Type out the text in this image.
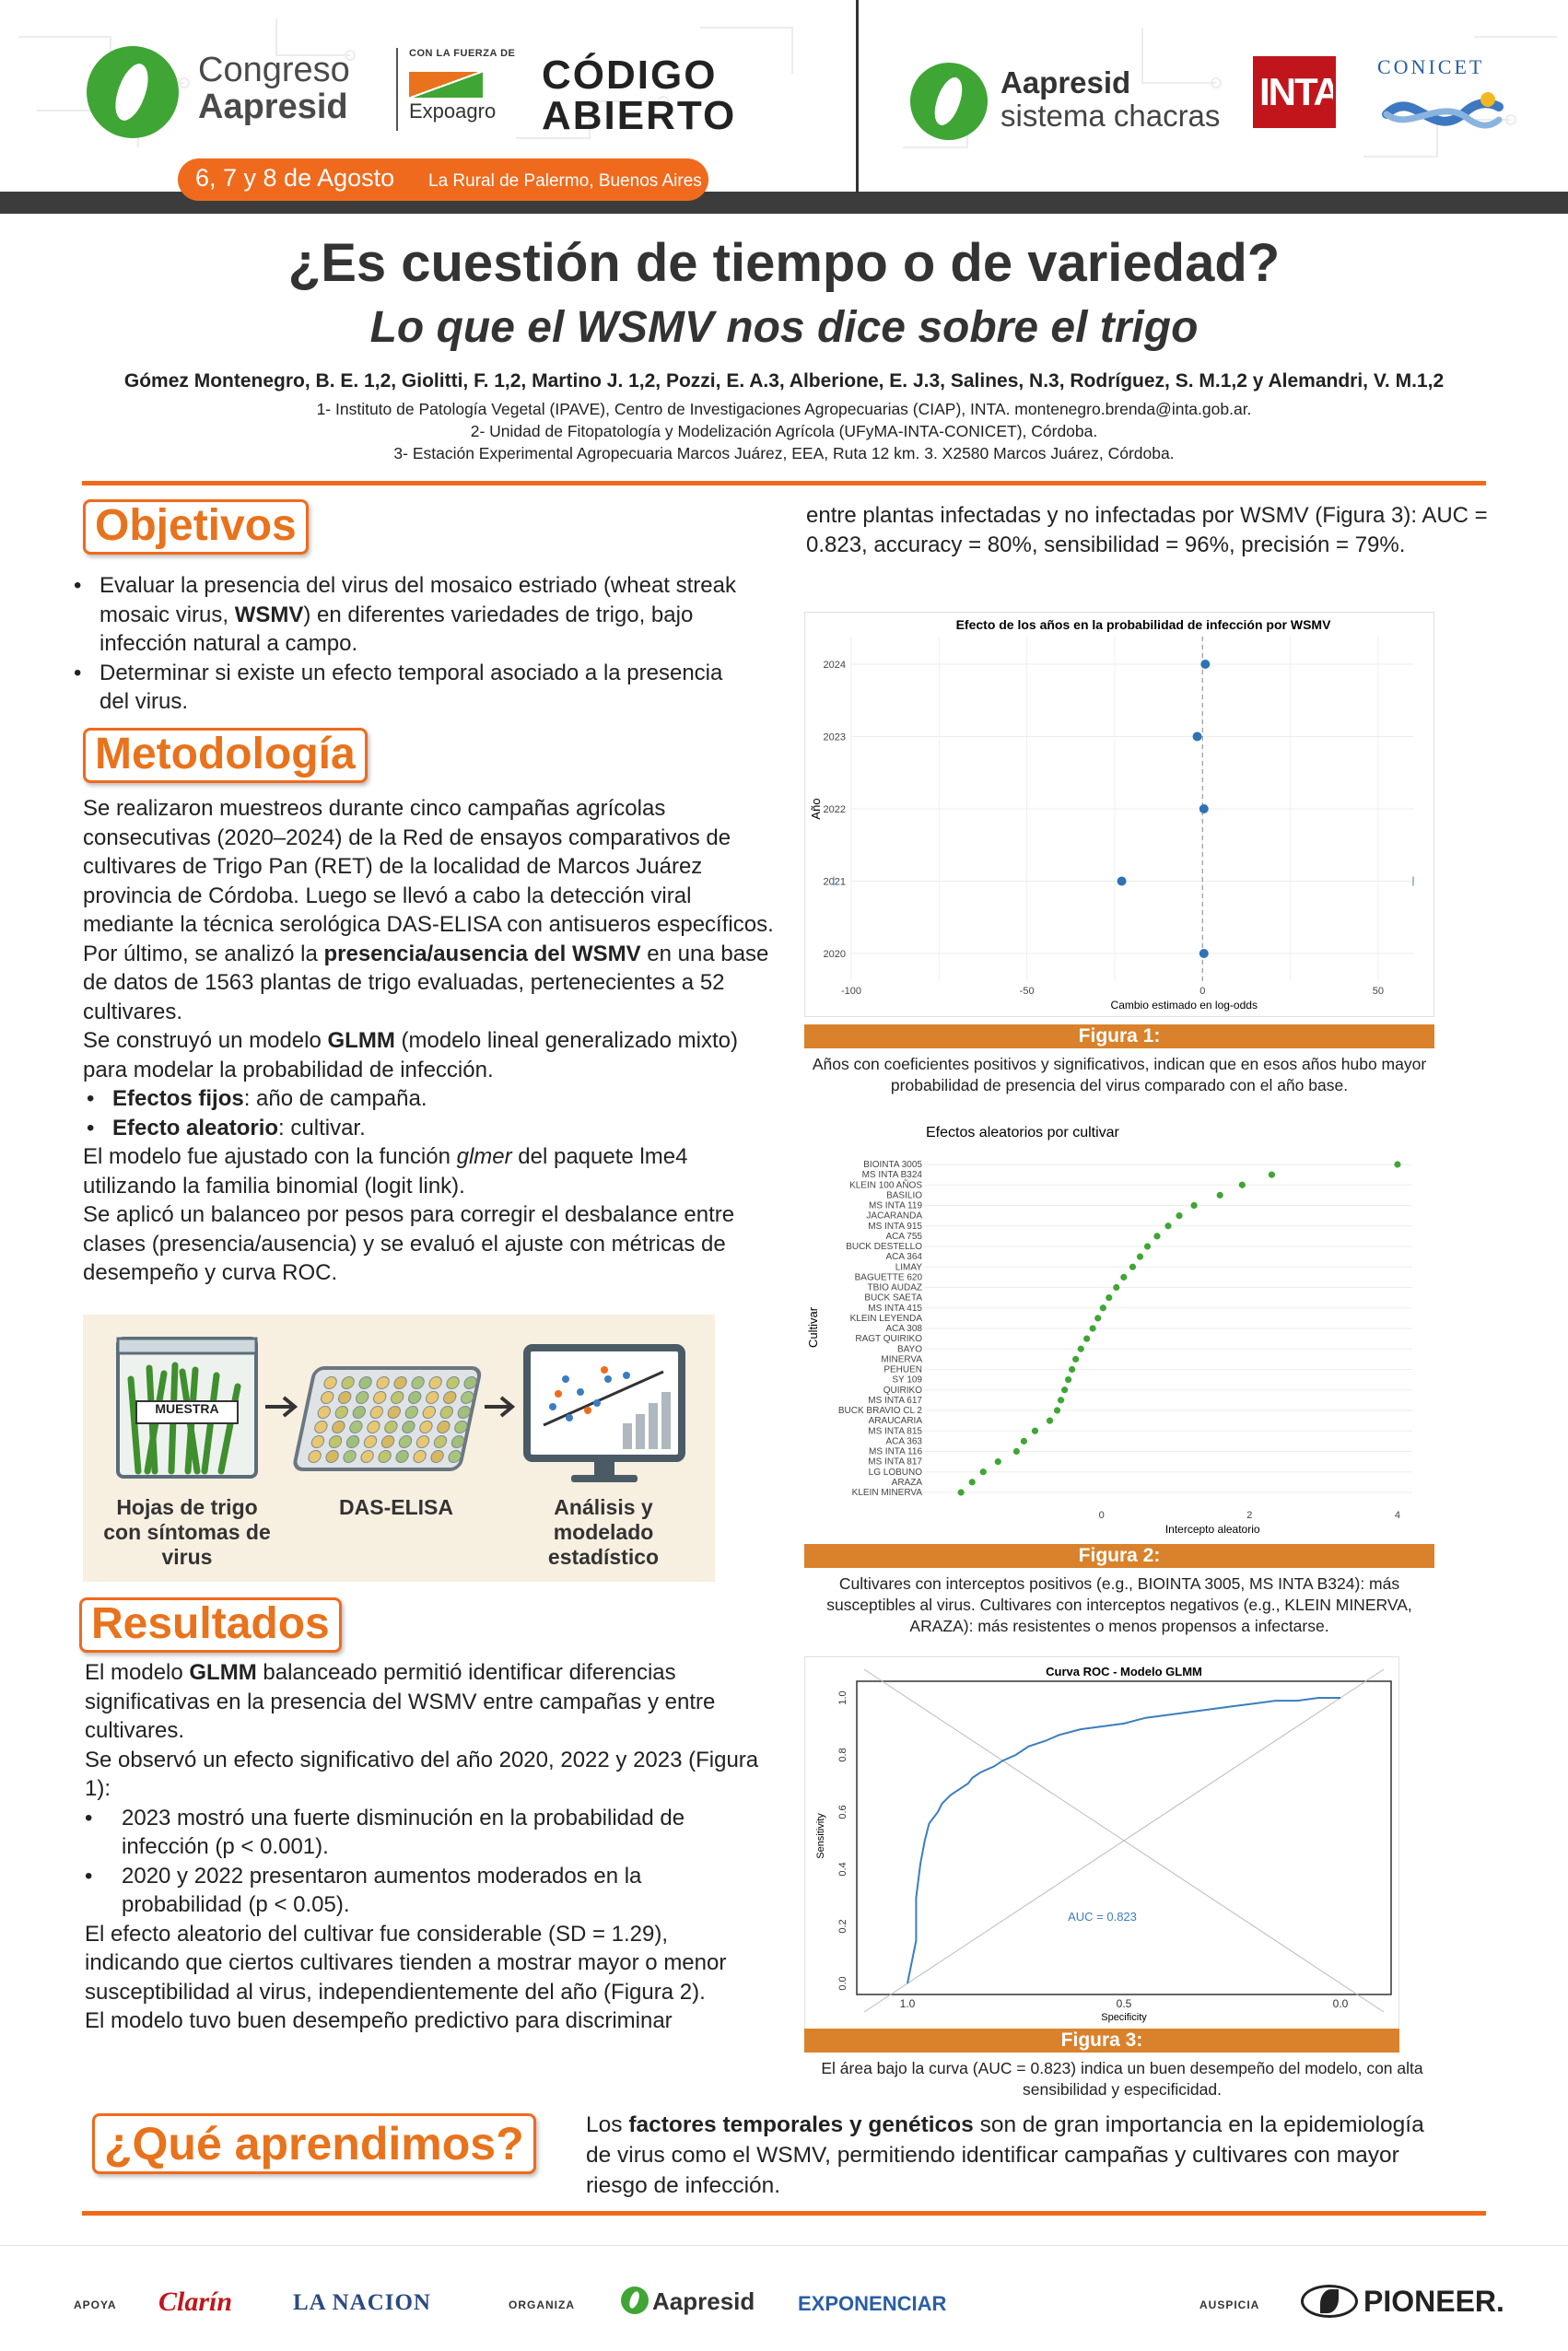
Congreso
Aapresid
CON LA FUERZA DE
Expoagro
CÓDIGO
ABIERTO
6, 7 y 8 de Agosto La Rural de Palermo, Buenos Aires
Aapresid
sistema chacras
INTA
CONICET
¿Es cuestión de tiempo o de variedad?
Lo que el WSMV nos dice sobre el trigo
Gómez Montenegro, B. E. 1,2, Giolitti, F. 1,2, Martino J. 1,2, Pozzi, E. A.3, Alberione, E. J.3, Salines, N.3, Rodríguez, S. M.1,2 y Alemandri, V. M.1,2
1- Instituto de Patología Vegetal (IPAVE), Centro de Investigaciones Agropecuarias (CIAP), INTA. montenegro.brenda@inta.gob.ar.
2- Unidad de Fitopatología y Modelización Agrícola (UFyMA-INTA-CONICET), Córdoba.
3- Estación Experimental Agropecuaria Marcos Juárez, EEA, Ruta 12 km. 3. X2580 Marcos Juárez, Córdoba.
Objetivos
• Evaluar la presencia del virus del mosaico estriado (wheat streak mosaic virus, WSMV) en diferentes variedades de trigo, bajo infección natural a campo.
• Determinar si existe un efecto temporal asociado a la presencia del virus.
Metodología

Se realizaron muestreos durante cinco campañas agrícolas consecutivas (2020–2024) de la Red de ensayos comparativos de cultivares de Trigo Pan (RET) de la localidad de Marcos Juárez provincia de Córdoba. Luego se llevó a cabo la detección viral mediante la técnica serológica DAS-ELISA con antisueros específicos. Por último, se analizó la presencia/ausencia del WSMV en una base de datos de 1563 plantas de trigo evaluadas, pertenecientes a 52 cultivares.

Se construyó un modelo GLMM (modelo lineal generalizado mixto) para modelar la probabilidad de infección.

• Efectos fijos: año de campaña.
• Efecto aleatorio: cultivar.

El modelo fue ajustado con la función glmer del paquete lme4 utilizando la familia binomial (logit link).

Se aplicó un balanceo por pesos para corregir el desbalance entre clases (presencia/ausencia) y se evaluó el ajuste con métricas de desempeño y curva ROC.

MUESTRA
Hojas de trigo con síntomas de virus
DAS-ELISA	Análisis y modelado estadístico
Resultados

El modelo GLMM balanceado permitió identificar diferencias significativas en la presencia del WSMV entre campañas y entre cultivares.

Se observó un efecto significativo del año 2020, 2022 y 2023 (Figura 1):

• 2023 mostró una fuerte disminución en la probabilidad de infección (p < 0.001).
• 2020 y 2022 presentaron aumentos moderados en la probabilidad (p < 0.05).

El efecto aleatorio del cultivar fue considerable (SD = 1.29), indicando que ciertos cultivares tienden a mostrar mayor o menor susceptibilidad al virus, independientemente del año (Figura 2).

El modelo tuvo buen desempeño predictivo para discriminar

entre plantas infectadas y no infectadas por WSMV (Figura 3): AUC = 0.823, accuracy = 80%, sensibilidad = 96%, precisión = 79%.
Efecto de los años en la probabilidad de infección por WSMV
2020
2021
2022
2023
2024
-100	-50	0	50
Cambio estimado en log-odds
Año
Figura 1:
Años con coeficientes positivos y significativos, indican que en esos años hubo mayor probabilidad de presencia del virus comparado con el año base.
Efectos aleatorios por cultivar
BIOINTA 3005
MS INTA B324
KLEIN 100 AÑOS
BASILIO
MS INTA 119
JACARANDA
MS INTA 915
ACA 755
BUCK DESTELLO
ACA 364
LIMAY
BAGUETTE 620
TBIO AUDAZ
BUCK SAETA
MS INTA 415
KLEIN LEYENDA
ACA 308
RAGT QUIRIKO
BAYO
MINERVA
PEHUEN
SY 109
QUIRIKO
MS INTA 617
BUCK BRAVIO CL 2
ARAUCARIA
MS INTA 815
ACA 363
MS INTA 116
MS INTA 817
LG LOBUNO
ARAZA
KLEIN MINERVA
0	2	4
Intercepto aleatorio
Cultivar
Figura 2:
Cultivares con interceptos positivos (e.g., BIOINTA 3005, MS INTA B324): más susceptibles al virus. Cultivares con interceptos negativos (e.g., KLEIN MINERVA, ARAZA): más resistentes o menos propensos a infectarse.
Curva ROC - Modelo GLMM
AUC = 0.823
1.0	0.5	0.0
0.0
0.2
0.4
0.6
0.8
1.0
Specificity
Sensitivity
Figura 3:
El área bajo la curva (AUC = 0.823) indica un buen desempeño del modelo, con alta sensibilidad y especificidad.
¿Qué aprendimos?	Los factores temporales y genéticos son de gran importancia en la epidemiología de virus como el WSMV, permitiendo identificar campañas y cultivares con mayor riesgo de infección.
APOYA Clarín	LA NACION	ORGANIZA	Aapresid EXPONENCIAR	AUSPICIA	PIONEER.
